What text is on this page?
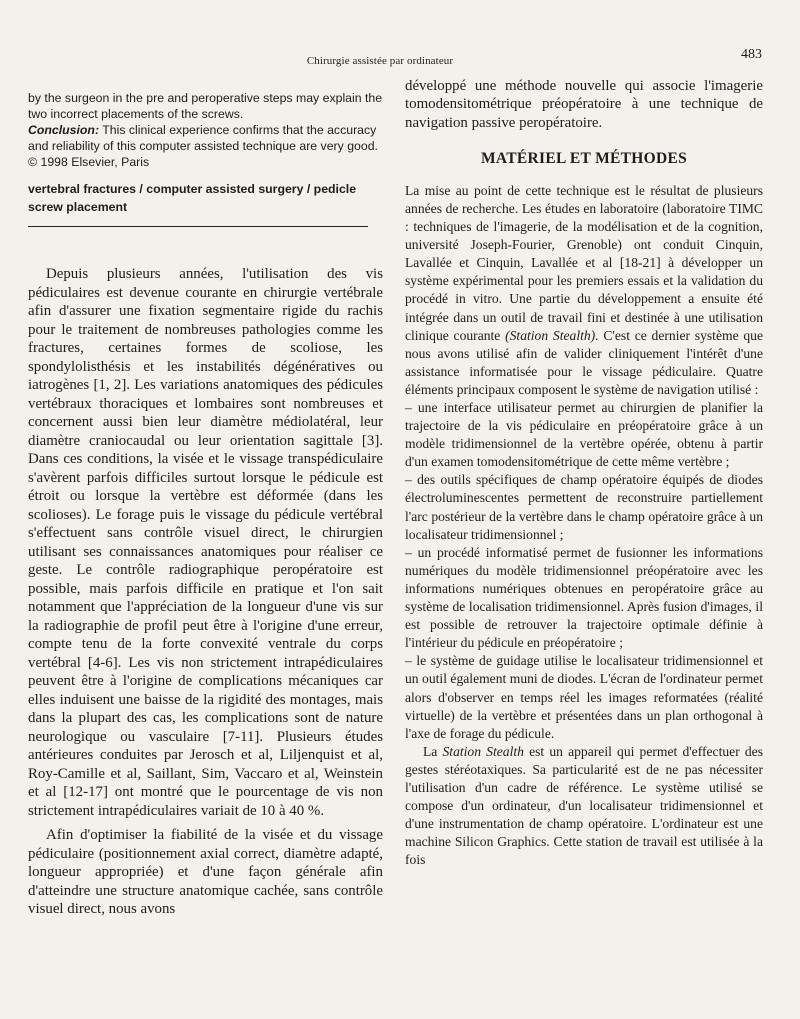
Chirurgie assistée par ordinateur	483

by the surgeon in the pre and peroperative steps may explain the two incorrect placements of the screws.

Conclusion: This clinical experience confirms that the accuracy and reliability of this computer assisted technique are very good. © 1998 Elsevier, Paris

vertebral fractures / computer assisted surgery / pedicle screw placement

Depuis plusieurs années, l'utilisation des vis pédiculaires est devenue courante en chirurgie vertébrale afin d'assurer une fixation segmentaire rigide du rachis pour le traitement de nombreuses pathologies comme les fractures, certaines formes de scoliose, les spondylolisthésis et les instabilités dégénératives ou iatrogènes [1, 2]. Les variations anatomiques des pédicules vertébraux thoraciques et lombaires sont nombreuses et concernent aussi bien leur diamètre médiolatéral, leur diamètre craniocaudal ou leur orientation sagittale [3]. Dans ces conditions, la visée et le vissage transpédiculaire s'avèrent parfois difficiles surtout lorsque le pédicule est étroit ou lorsque la vertèbre est déformée (dans les scolioses). Le forage puis le vissage du pédicule vertébral s'effectuent sans contrôle visuel direct, le chirurgien utilisant ses connaissances anatomiques pour réaliser ce geste. Le contrôle radiographique peropératoire est possible, mais parfois difficile en pratique et l'on sait notamment que l'appréciation de la longueur d'une vis sur la radiographie de profil peut être à l'origine d'une erreur, compte tenu de la forte convexité ventrale du corps vertébral [4-6]. Les vis non strictement intrapédiculaires peuvent être à l'origine de complications mécaniques car elles induisent une baisse de la rigidité des montages, mais dans la plupart des cas, les complications sont de nature neurologique ou vasculaire [7-11]. Plusieurs études antérieures conduites par Jerosch et al, Liljenquist et al, Roy-Camille et al, Saillant, Sim, Vaccaro et al, Weinstein et al [12-17] ont montré que le pourcentage de vis non strictement intrapédiculaires variait de 10 à 40 %.

Afin d'optimiser la fiabilité de la visée et du vissage pédiculaire (positionnement axial correct, diamètre adapté, longueur appropriée) et d'une façon générale afin d'atteindre une structure anatomique cachée, sans contrôle visuel direct, nous avons

développé une méthode nouvelle qui associe l'imagerie tomodensitométrique préopératoire à une technique de navigation passive peropératoire.

MATÉRIEL ET MÉTHODES

La mise au point de cette technique est le résultat de plusieurs années de recherche. Les études en laboratoire (laboratoire TIMC : techniques de l'imagerie, de la modélisation et de la cognition, université Joseph-Fourier, Grenoble) ont conduit Cinquin, Lavallée et Cinquin, Lavallée et al [18-21] à développer un système expérimental pour les premiers essais et la validation du procédé in vitro. Une partie du développement a ensuite été intégrée dans un outil de travail fini et destinée à une utilisation clinique courante (Station Stealth). C'est ce dernier système que nous avons utilisé afin de valider cliniquement l'intérêt d'une assistance informatisée pour le vissage pédiculaire. Quatre éléments principaux composent le système de navigation utilisé :

– une interface utilisateur permet au chirurgien de planifier la trajectoire de la vis pédiculaire en préopératoire grâce à un modèle tridimensionnel de la vertèbre opérée, obtenu à partir d'un examen tomodensitométrique de cette même vertèbre ;

– des outils spécifiques de champ opératoire équipés de diodes électroluminescentes permettent de reconstruire partiellement l'arc postérieur de la vertèbre dans le champ opératoire grâce à un localisateur tridimensionnel ;

– un procédé informatisé permet de fusionner les informations numériques du modèle tridimensionnel préopératoire avec les informations numériques obtenues en peropératoire grâce au système de localisation tridimensionnel. Après fusion d'images, il est possible de retrouver la trajectoire optimale définie à l'intérieur du pédicule en préopératoire ;

– le système de guidage utilise le localisateur tridimensionnel et un outil également muni de diodes. L'écran de l'ordinateur permet alors d'observer en temps réel les images reformatées (réalité virtuelle) de la vertèbre et présentées dans un plan orthogonal à l'axe de forage du pédicule.

La Station Stealth est un appareil qui permet d'effectuer des gestes stéréotaxiques. Sa particularité est de ne pas nécessiter l'utilisation d'un cadre de référence. Le système utilisé se compose d'un ordinateur, d'un localisateur tridimensionnel et d'une instrumentation de champ opératoire. L'ordinateur est une machine Silicon Graphics. Cette station de travail est utilisée à la fois
